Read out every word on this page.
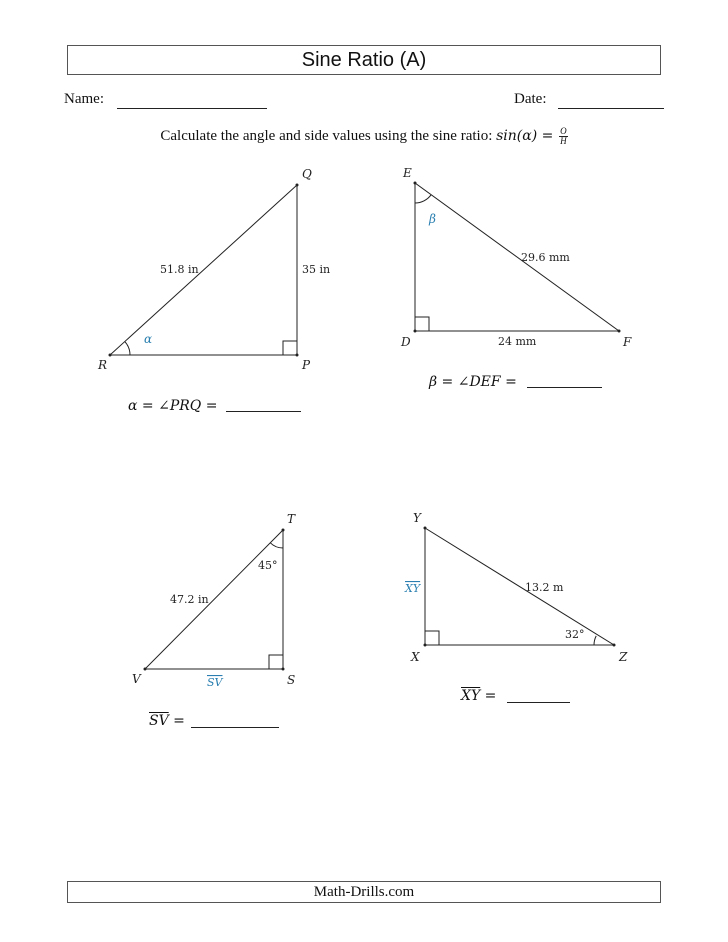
Sine Ratio (A)
Name:	Date:
Calculate the angle and side values using the sine ratio: $\sin(\alpha) = \frac{O}{H}$
R	P
Q
51.8 in	35 in
α
E
D	F
29.6 mm
24 mm
β
T
V	S
47.2 in
SV
45°
Y
X	Z
13.2 m
XY
32°
α = ∠PRQ =
β = ∠DEF =
$\overline{SV}$ =
$\overline{XY}$ =
Math-Drills.com
